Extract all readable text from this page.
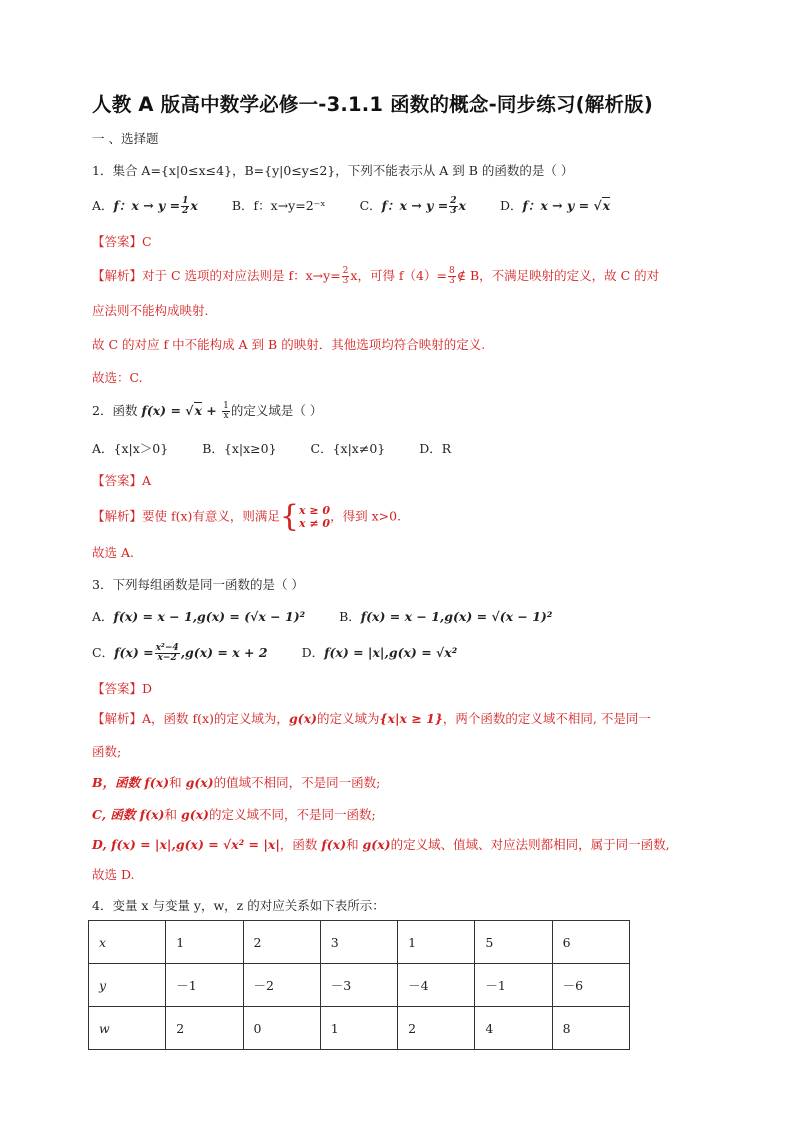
人教 A 版高中数学必修一-3.1.1 函数的概念-同步练习(解析版)
一 、选择题
1．集合 A={x|0≤x≤4}，B={y|0≤y≤2}，下列不能表示从 A 到 B 的函数的是（ ）
A．f：$x \to y = \frac{1}{2}$ x	B．f：x→y=2⁻ˣ	C．f：$x \to y = \frac{2}{3}$ x	D．f：x → y = √x
【答案】C
【解析】对于 C 选项的对应法则是 f：$x\to y= \frac{2}{3}$ x，可得 $f(4)= \frac{8}{3}$ ∉ B，不满足映射的定义，故 C 的对
应法则不能构成映射.
故 C 的对应 f 中不能构成 A 到 B 的映射．其他选项均符合映射的定义.
故选：C.
2．函数 $f(x) = √x + \frac{1}{x}$ 的定义域是（ ）
A．{x|x＞0}	B．{x|x≥0}	C．{x|x≠0}	D．R
【答案】A
【解析】要使 f(x)有意义，则满足{ x ≥ 0
x ≠ 0 ，得到 x>0.
故选 A.
3．下列每组函数是同一函数的是（ ）
A．f(x) = x − 1,g(x) = (√x − 1)²	B．f(x) = x − 1,g(x) = √(x − 1)²
C．$f(x) = \frac{\text{x²−4}}{x-2} ,g(x) = x + 2$	D．f(x) = |x|,g(x) = √x²
【答案】D
【解析】A，函数 f(x)的定义域为，g(x)的定义域为{x|x ≥ 1}，两个函数的定义域不相同, 不是同一
函数;
B，函数 f(x)和 g(x)的值域不相同，不是同一函数;
C, 函数 f(x)和 g(x)的定义域不同，不是同一函数;
D, f(x) = |x|,g(x) = √x² = |x|，函数 f(x)和 g(x)的定义域、值域、对应法则都相同，属于同一函数,
故选 D.
4．变量 x 与变量 y，w，z 的对应关系如下表所示：
x	1	2	3	1	5	6
y	－1	－2	－3	－4	－1	－6
w	2	0	1	2	4	8
